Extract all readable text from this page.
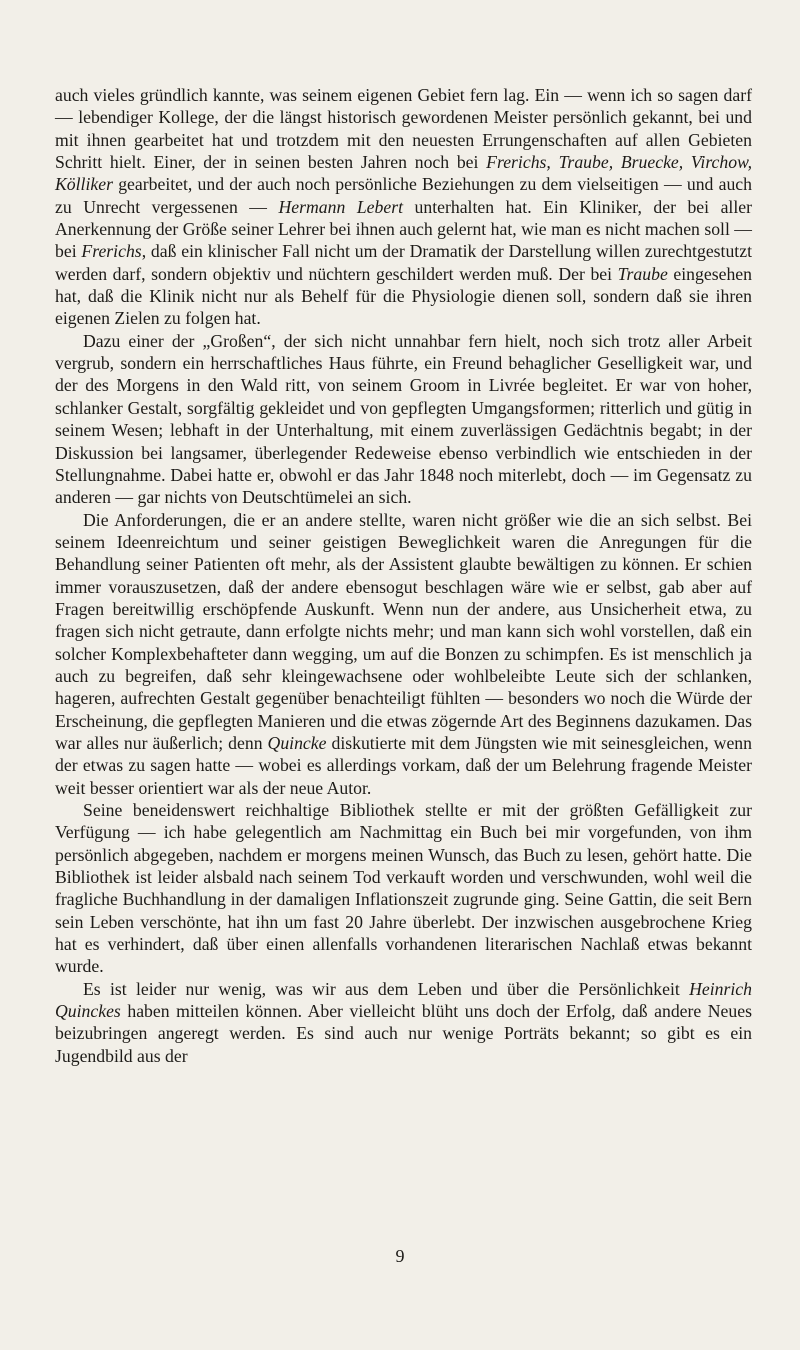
auch vieles gründlich kannte, was seinem eigenen Gebiet fern lag. Ein — wenn ich so sagen darf — lebendiger Kollege, der die längst historisch gewordenen Meister persönlich gekannt, bei und mit ihnen gearbeitet hat und trotzdem mit den neuesten Errungenschaften auf allen Gebieten Schritt hielt. Einer, der in seinen besten Jahren noch bei Frerichs, Traube, Bruecke, Virchow, Kölliker gearbeitet, und der auch noch persönliche Beziehungen zu dem vielseitigen — und auch zu Unrecht vergessenen — Hermann Lebert unterhalten hat. Ein Kliniker, der bei aller Anerkennung der Größe seiner Lehrer bei ihnen auch gelernt hat, wie man es nicht machen soll — bei Frerichs, daß ein klinischer Fall nicht um der Dramatik der Darstellung willen zurechtgestutzt werden darf, sondern objektiv und nüchtern geschildert werden muß. Der bei Traube eingesehen hat, daß die Klinik nicht nur als Behelf für die Physiologie dienen soll, sondern daß sie ihren eigenen Zielen zu folgen hat.

Dazu einer der „Großen“, der sich nicht unnahbar fern hielt, noch sich trotz aller Arbeit vergrub, sondern ein herrschaftliches Haus führte, ein Freund behaglicher Geselligkeit war, und der des Morgens in den Wald ritt, von seinem Groom in Livrée begleitet. Er war von hoher, schlanker Gestalt, sorgfältig gekleidet und von gepflegten Umgangsformen; ritterlich und gütig in seinem Wesen; lebhaft in der Unterhaltung, mit einem zuverlässigen Gedächtnis begabt; in der Diskussion bei langsamer, überlegender Redeweise ebenso verbindlich wie entschieden in der Stellungnahme. Dabei hatte er, obwohl er das Jahr 1848 noch miterlebt, doch — im Gegensatz zu anderen — gar nichts von Deutschtümelei an sich.

Die Anforderungen, die er an andere stellte, waren nicht größer wie die an sich selbst. Bei seinem Ideenreichtum und seiner geistigen Beweglichkeit waren die Anregungen für die Behandlung seiner Patienten oft mehr, als der Assistent glaubte bewältigen zu können. Er schien immer vorauszusetzen, daß der andere ebensogut beschlagen wäre wie er selbst, gab aber auf Fragen bereitwillig erschöpfende Auskunft. Wenn nun der andere, aus Unsicherheit etwa, zu fragen sich nicht getraute, dann erfolgte nichts mehr; und man kann sich wohl vorstellen, daß ein solcher Komplexbehafteter dann wegging, um auf die Bonzen zu schimpfen. Es ist menschlich ja auch zu begreifen, daß sehr kleingewachsene oder wohlbeleibte Leute sich der schlanken, hageren, aufrechten Gestalt gegenüber benachteiligt fühlten — besonders wo noch die Würde der Erscheinung, die gepflegten Manieren und die etwas zögernde Art des Beginnens dazukamen. Das war alles nur äußerlich; denn Quincke diskutierte mit dem Jüngsten wie mit seinesgleichen, wenn der etwas zu sagen hatte — wobei es allerdings vorkam, daß der um Belehrung fragende Meister weit besser orientiert war als der neue Autor.

Seine beneidenswert reichhaltige Bibliothek stellte er mit der größten Gefälligkeit zur Verfügung — ich habe gelegentlich am Nachmittag ein Buch bei mir vorgefunden, von ihm persönlich abgegeben, nachdem er morgens meinen Wunsch, das Buch zu lesen, gehört hatte. Die Bibliothek ist leider alsbald nach seinem Tod verkauft worden und verschwunden, wohl weil die fragliche Buchhandlung in der damaligen Inflationszeit zugrunde ging. Seine Gattin, die seit Bern sein Leben verschönte, hat ihn um fast 20 Jahre überlebt. Der inzwischen ausgebrochene Krieg hat es verhindert, daß über einen allenfalls vorhandenen literarischen Nachlaß etwas bekannt wurde.

Es ist leider nur wenig, was wir aus dem Leben und über die Persönlichkeit Heinrich Quinckes haben mitteilen können. Aber vielleicht blüht uns doch der Erfolg, daß andere Neues beizubringen angeregt werden. Es sind auch nur wenige Porträts bekannt; so gibt es ein Jugendbild aus der

9
